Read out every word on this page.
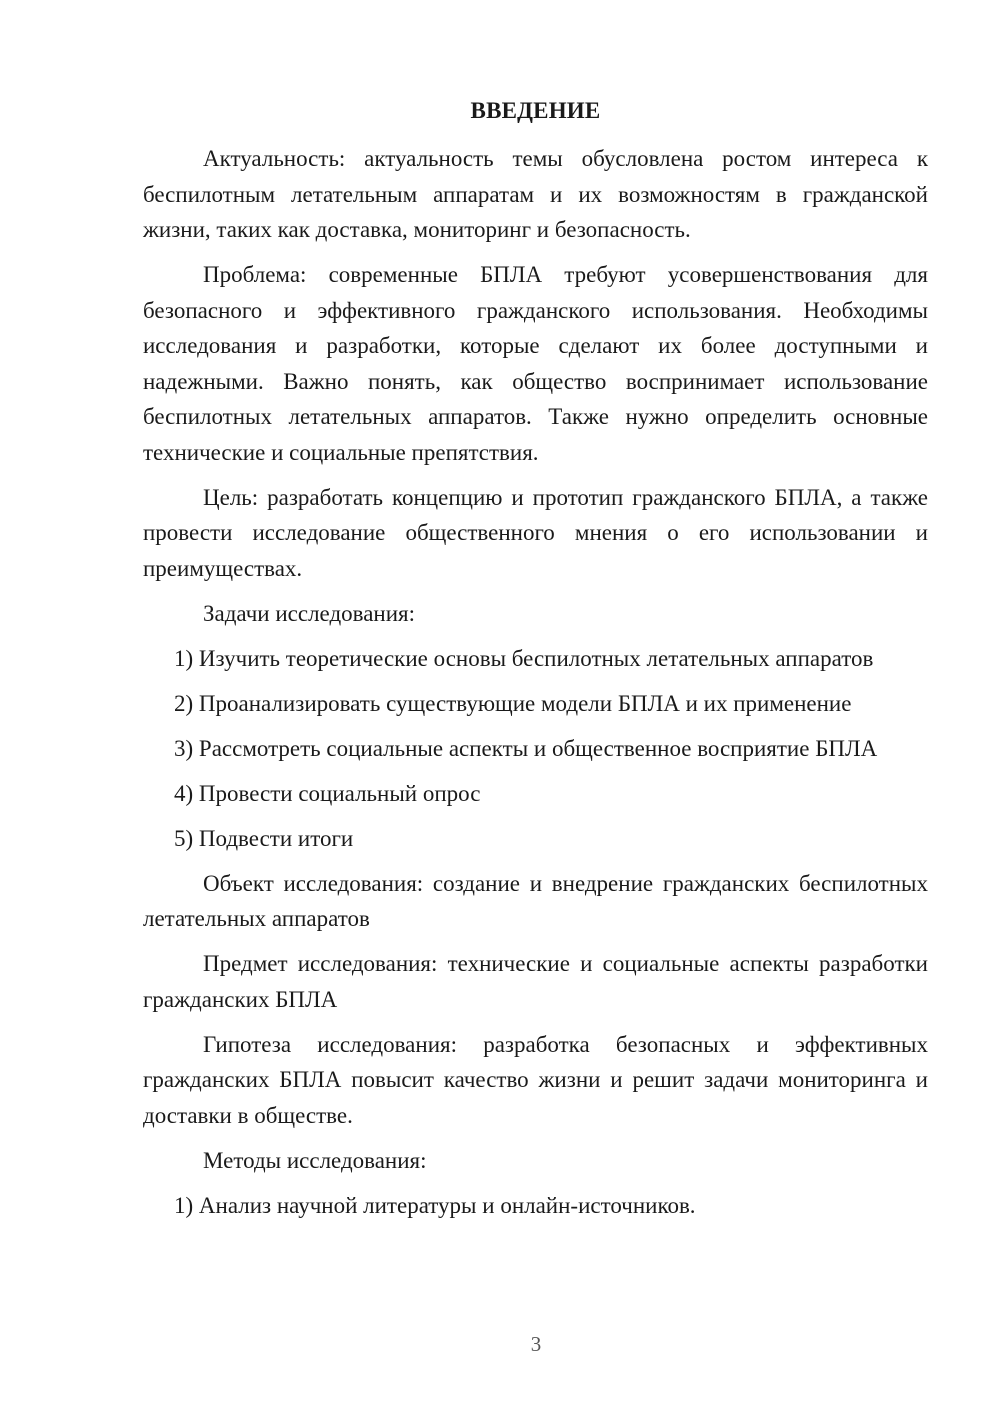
ВВЕДЕНИЕ

Актуальность: актуальность темы обусловлена ростом интереса к беспилотным летательным аппаратам и их возможностям в гражданской жизни, таких как доставка, мониторинг и безопасность.

Проблема: современные БПЛА требуют усовершенствования для безопасного и эффективного гражданского использования. Необходимы исследования и разработки, которые сделают их более доступными и надежными. Важно понять, как общество воспринимает использование беспилотных летательных аппаратов. Также нужно определить основные технические и социальные препятствия.

Цель: разработать концепцию и прототип гражданского БПЛА, а также провести исследование общественного мнения о его использовании и преимуществах.

Задачи исследования:

1) Изучить теоретические основы беспилотных летательных аппаратов

2) Проанализировать существующие модели БПЛА и их применение

3) Рассмотреть социальные аспекты и общественное восприятие БПЛА

4) Провести социальный опрос

5) Подвести итоги

Объект исследования: создание и внедрение гражданских беспилотных летательных аппаратов

Предмет исследования: технические и социальные аспекты разработки гражданских БПЛА

Гипотеза исследования: разработка безопасных и эффективных гражданских БПЛА повысит качество жизни и решит задачи мониторинга и доставки в обществе.

Методы исследования:

1) Анализ научной литературы и онлайн-источников.

3
